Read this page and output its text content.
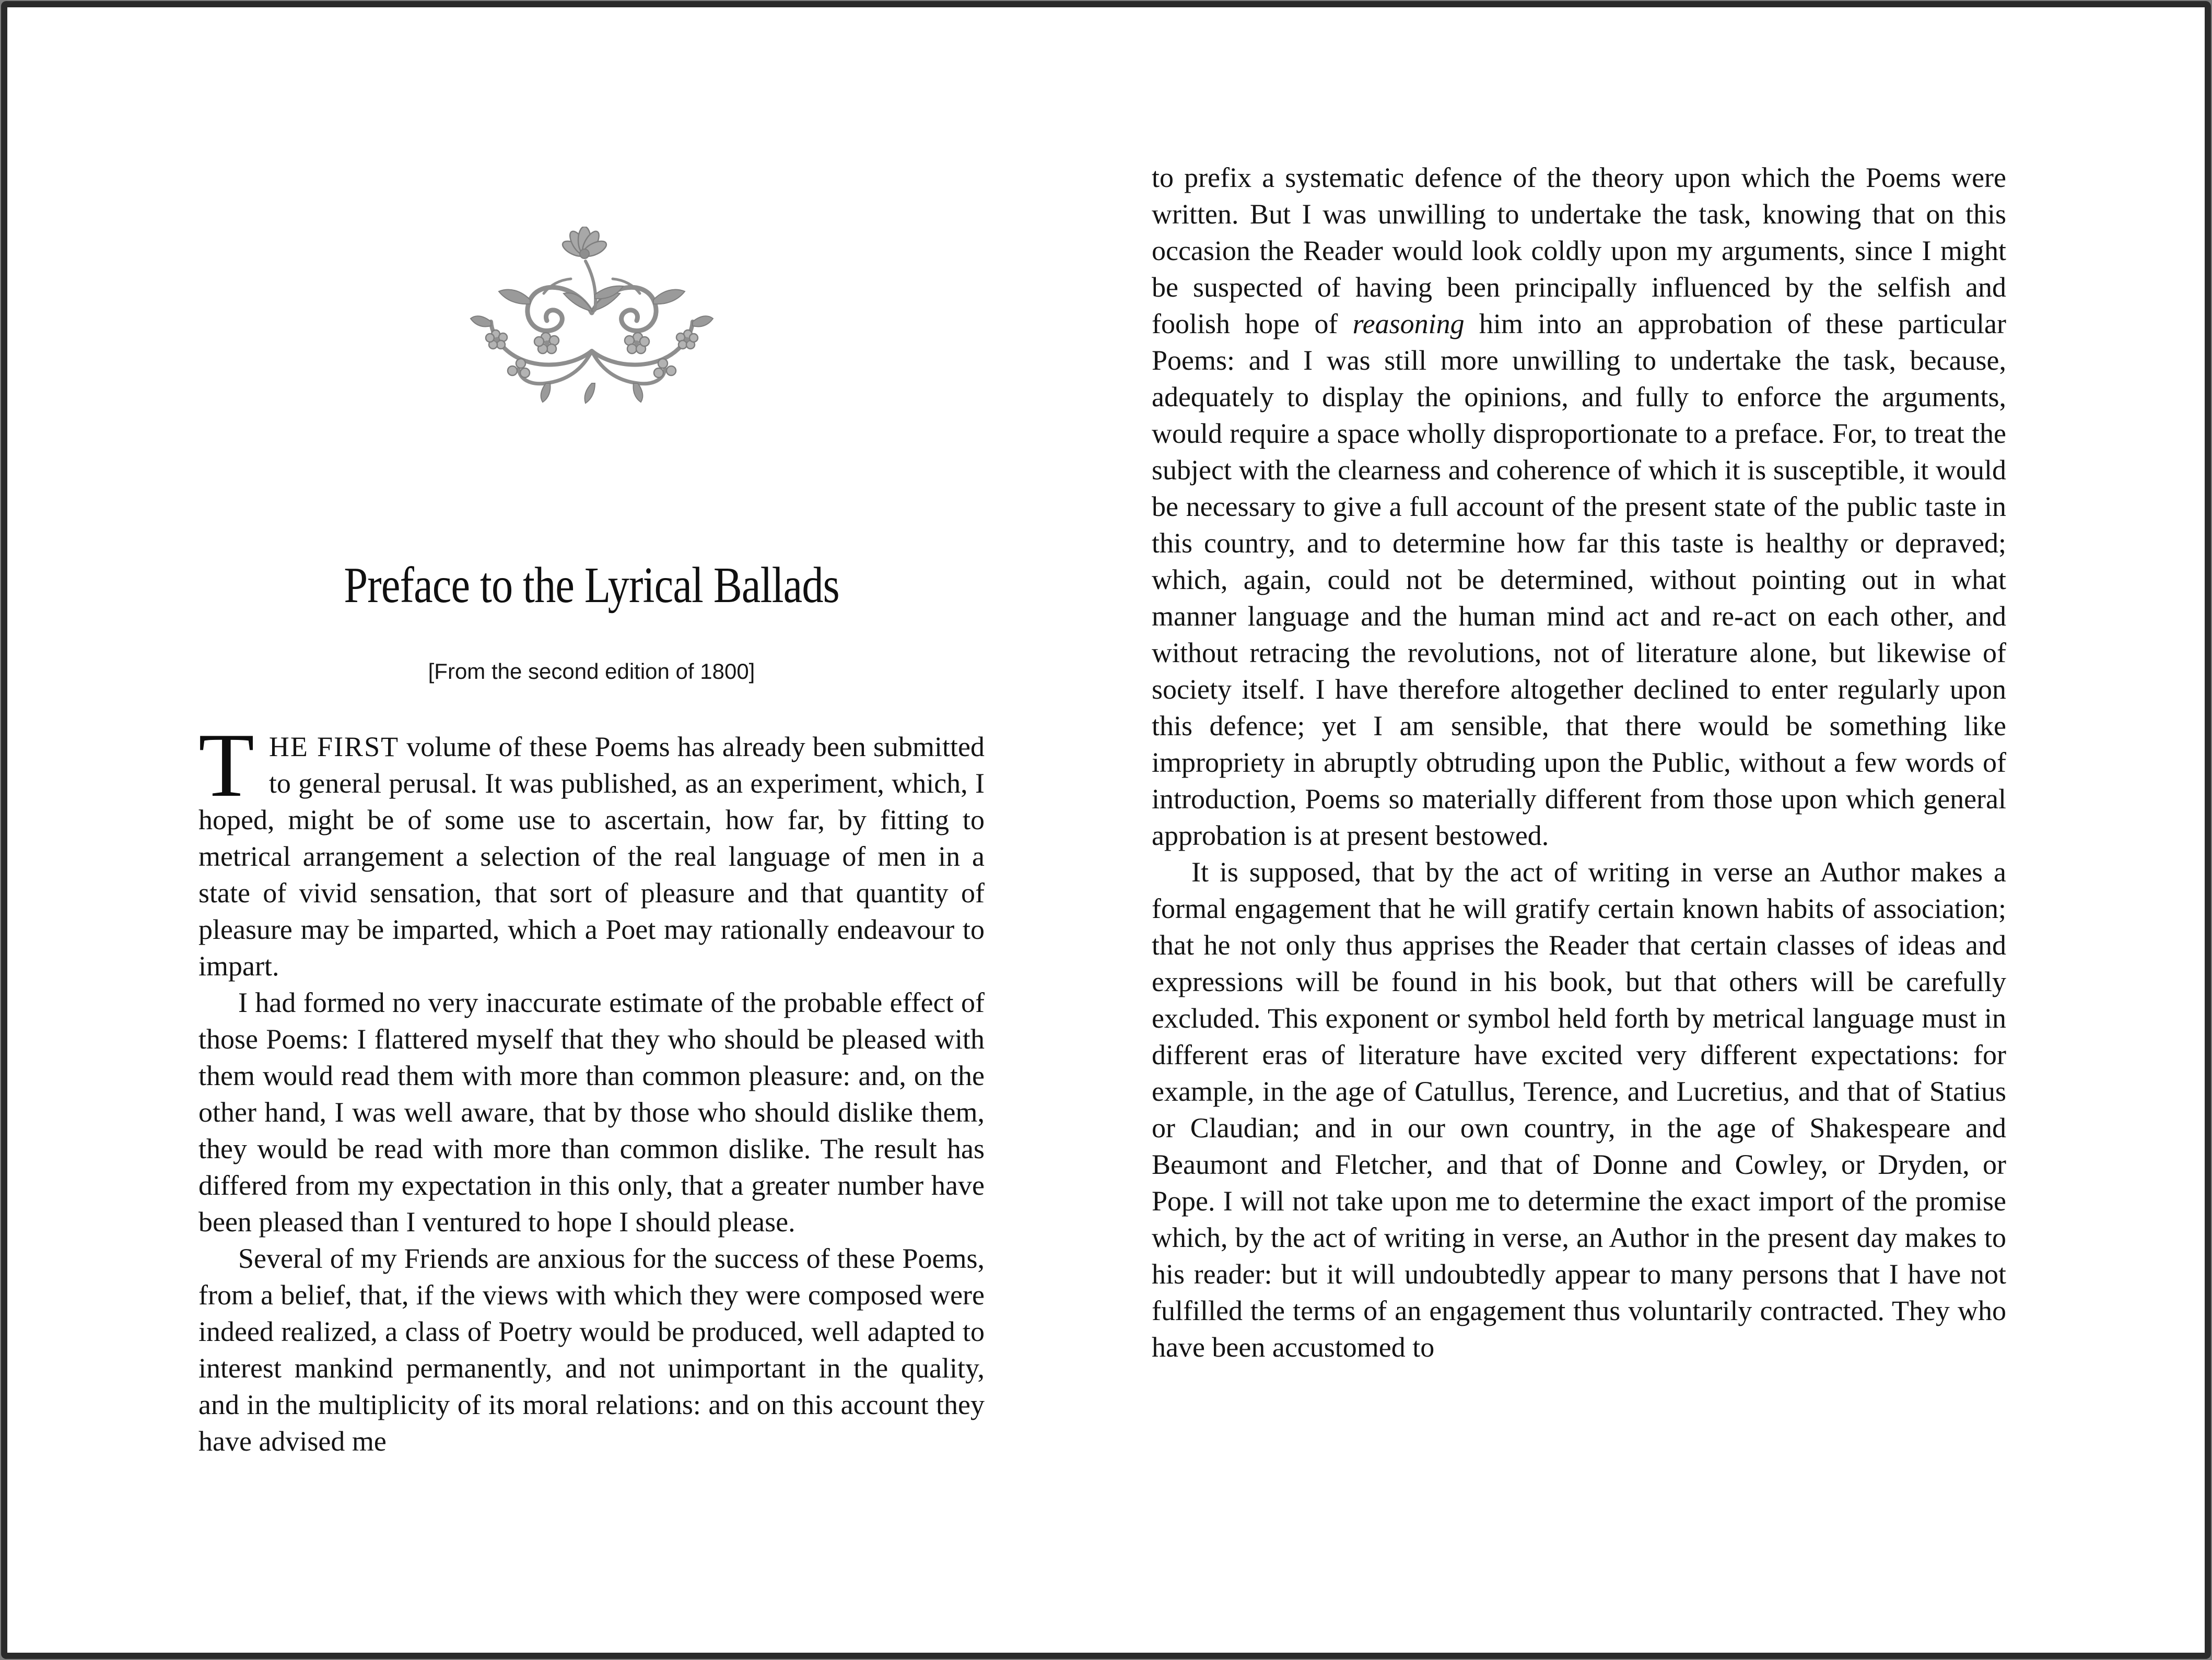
Preface to the Lyrical Ballads
[From the second edition of 1800]

THE FIRST volume of these Poems has already been submitted to general perusal. It was published, as an experiment, which, I hoped, might be of some use to ascertain, how far, by fitting to metrical arrangement a selection of the real language of men in a state of vivid sensation, that sort of pleasure and that quantity of pleasure may be imparted, which a Poet may rationally endeavour to impart.

I had formed no very inaccurate estimate of the probable effect of those Poems: I flattered myself that they who should be pleased with them would read them with more than common pleasure: and, on the other hand, I was well aware, that by those who should dislike them, they would be read with more than common dislike. The result has differed from my expectation in this only, that a greater number have been pleased than I ventured to hope I should please.

Several of my Friends are anxious for the success of these Poems, from a belief, that, if the views with which they were composed were indeed realized, a class of Poetry would be produced, well adapted to interest mankind permanently, and not unimportant in the quality, and in the multiplicity of its moral relations: and on this account they have advised me

to prefix a systematic defence of the theory upon which the Poems were written. But I was unwilling to undertake the task, knowing that on this occasion the Reader would look coldly upon my arguments, since I might be suspected of having been principally influenced by the selfish and foolish hope of reasoning him into an approbation of these particular Poems: and I was still more unwilling to undertake the task, because, adequately to display the opinions, and fully to enforce the arguments, would require a space wholly disproportionate to a preface. For, to treat the subject with the clearness and coherence of which it is susceptible, it would be necessary to give a full account of the present state of the public taste in this country, and to determine how far this taste is healthy or depraved; which, again, could not be determined, without pointing out in what manner language and the human mind act and re-act on each other, and without retracing the revolutions, not of literature alone, but likewise of society itself. I have therefore altogether declined to enter regularly upon this defence; yet I am sensible, that there would be something like impropriety in abruptly obtruding upon the Public, without a few words of introduction, Poems so materially different from those upon which general approbation is at present bestowed.

It is supposed, that by the act of writing in verse an Author makes a formal engagement that he will gratify certain known habits of association; that he not only thus apprises the Reader that certain classes of ideas and expressions will be found in his book, but that others will be carefully excluded. This exponent or symbol held forth by metrical language must in different eras of literature have excited very different expectations: for example, in the age of Catullus, Terence, and Lucretius, and that of Statius or Claudian; and in our own country, in the age of Shakespeare and Beaumont and Fletcher, and that of Donne and Cowley, or Dryden, or Pope. I will not take upon me to determine the exact import of the promise which, by the act of writing in verse, an Author in the present day makes to his reader: but it will undoubtedly appear to many persons that I have not fulfilled the terms of an engagement thus voluntarily contracted. They who have been accustomed to
